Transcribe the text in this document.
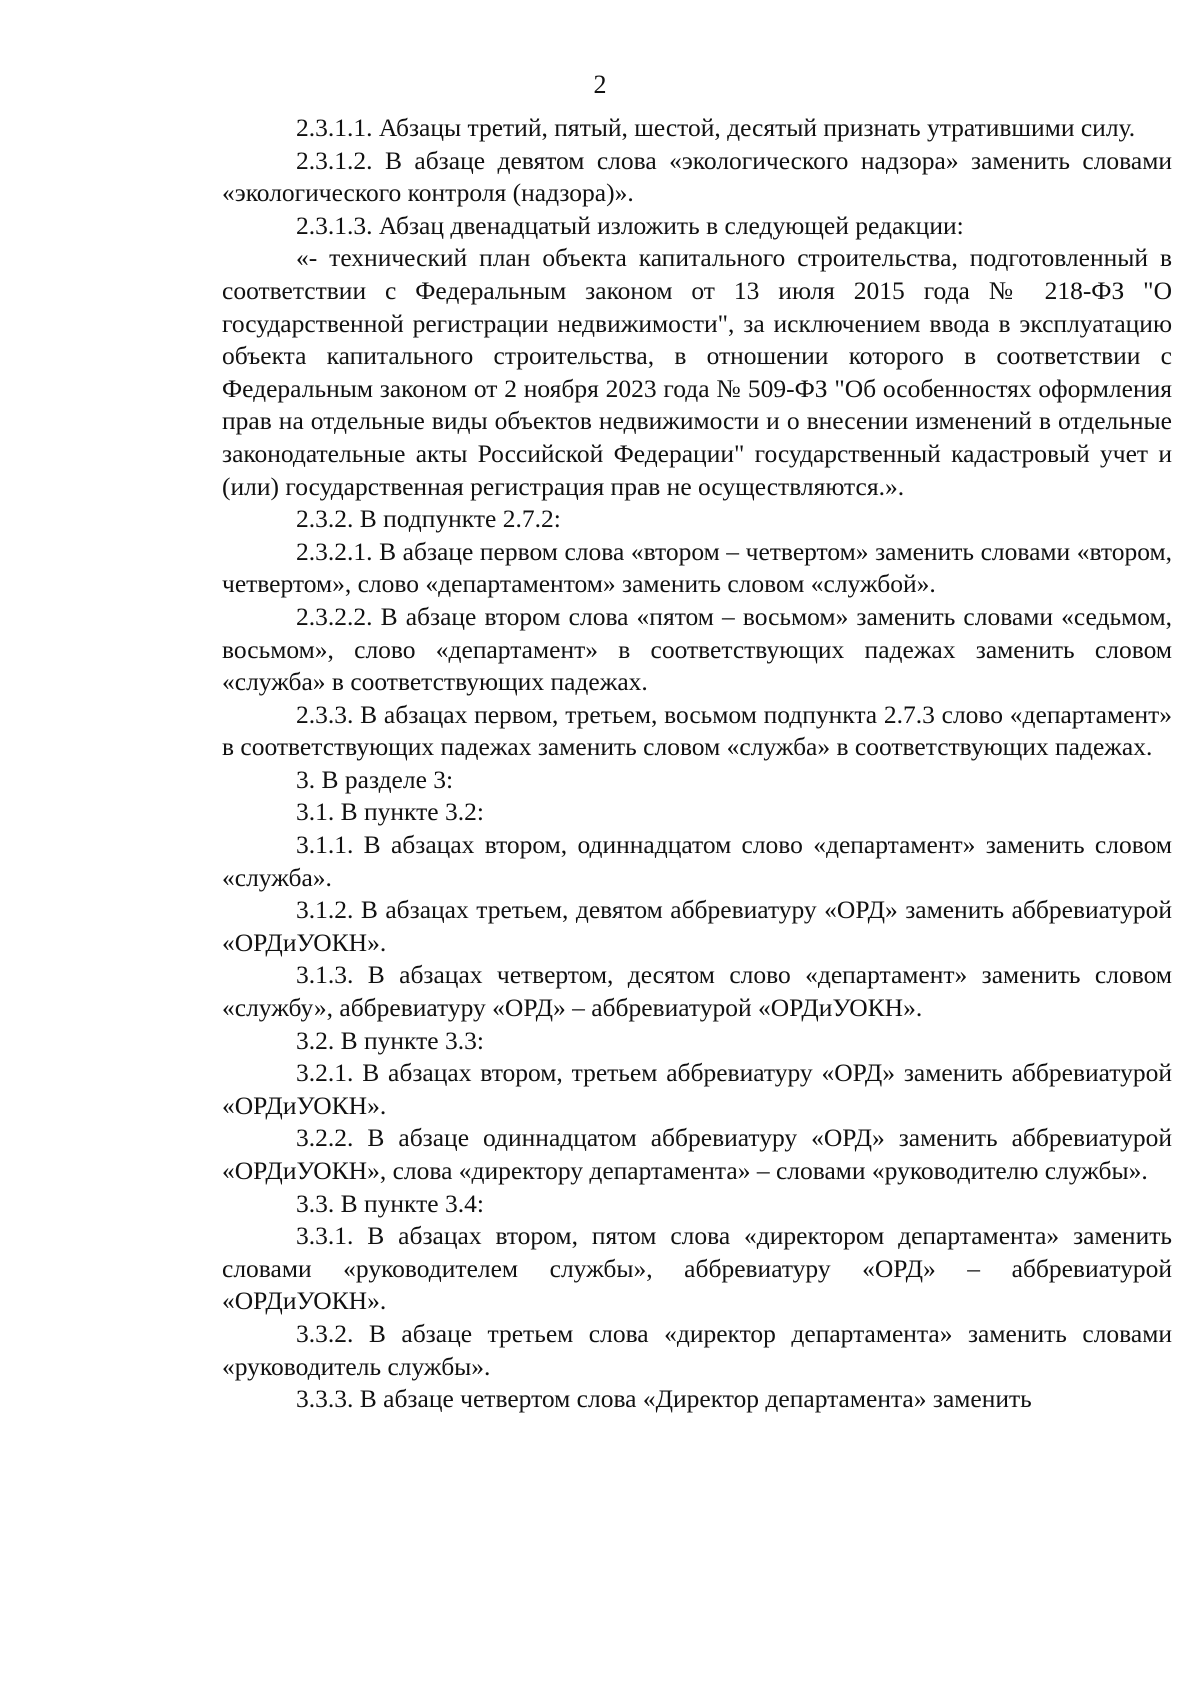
2

2.3.1.1. Абзацы третий, пятый, шестой, десятый признать утратившими силу.

2.3.1.2. В абзаце девятом слова «экологического надзора» заменить словами «экологического контроля (надзора)».

2.3.1.3. Абзац двенадцатый изложить в следующей редакции:

«- технический план объекта капитального строительства, подготовленный в соответствии с Федеральным законом от 13 июля 2015 года № 218-ФЗ "О государственной регистрации недвижимости", за исключением ввода в эксплуатацию объекта капитального строительства, в отношении которого в соответствии с Федеральным законом от 2 ноября 2023 года № 509-ФЗ "Об особенностях оформления прав на отдельные виды объектов недвижимости и о внесении изменений в отдельные законодательные акты Российской Федерации" государственный кадастровый учет и (или) государственная регистрация прав не осуществляются.».

2.3.2. В подпункте 2.7.2:

2.3.2.1. В абзаце первом слова «втором – четвертом» заменить словами «втором, четвертом», слово «департаментом» заменить словом «службой».

2.3.2.2. В абзаце втором слова «пятом – восьмом» заменить словами «седьмом, восьмом», слово «департамент» в соответствующих падежах заменить словом «служба» в соответствующих падежах.

2.3.3. В абзацах первом, третьем, восьмом подпункта 2.7.3 слово «департамент» в соответствующих падежах заменить словом «служба» в соответствующих падежах.

3. В разделе 3:

3.1. В пункте 3.2:

3.1.1. В абзацах втором, одиннадцатом слово «департамент» заменить словом «служба».

3.1.2. В абзацах третьем, девятом аббревиатуру «ОРД» заменить аббревиатурой «ОРДиУОКН».

3.1.3. В абзацах четвертом, десятом слово «департамент» заменить словом «службу», аббревиатуру «ОРД» – аббревиатурой «ОРДиУОКН».

3.2. В пункте 3.3:

3.2.1. В абзацах втором, третьем аббревиатуру «ОРД» заменить аббревиатурой «ОРДиУОКН».

3.2.2. В абзаце одиннадцатом аббревиатуру «ОРД» заменить аббревиатурой «ОРДиУОКН», слова «директору департамента» – словами «руководителю службы».

3.3. В пункте 3.4:

3.3.1. В абзацах втором, пятом слова «директором департамента» заменить словами «руководителем службы», аббревиатуру «ОРД» – аббревиатурой «ОРДиУОКН».

3.3.2. В абзаце третьем слова «директор департамента» заменить словами «руководитель службы».

3.3.3. В абзаце четвертом слова «Директор департамента» заменить
